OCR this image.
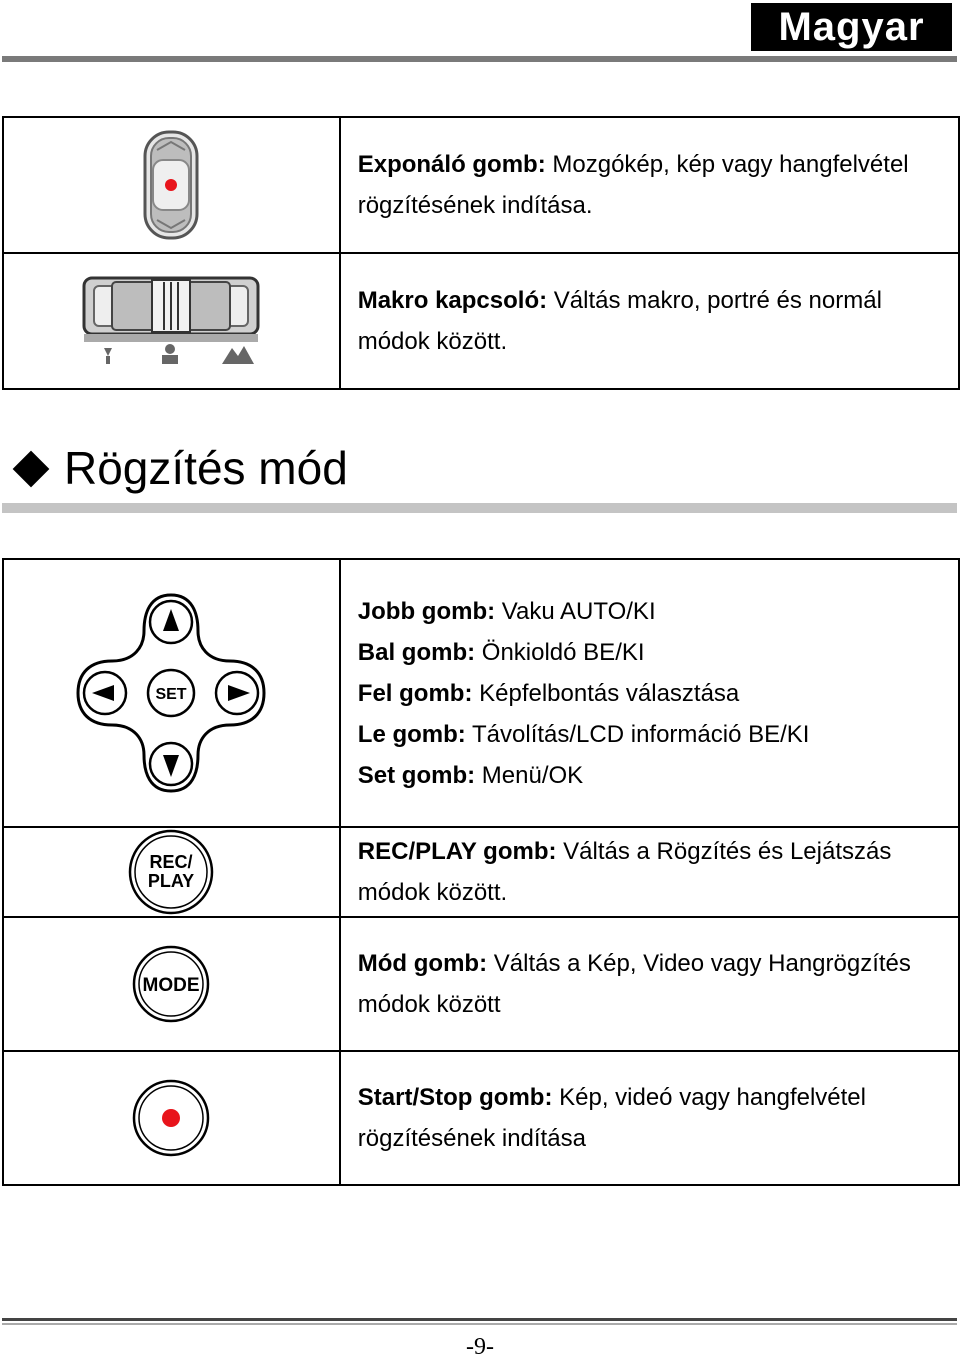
Magyar
	Exponáló gomb: Mozgókép, kép vagy hangfelvétel rögzítésének indítása.

	Makro kapcsoló: Váltás makro, portré és normál módok között.
Rögzítés mód
SET	Jobb gomb: Vaku AUTO/KI
Bal gomb: Önkioldó BE/KI
Fel gomb: Képfelbontás választása
Le gomb: Távolítás/LCD információ BE/KI
Set gomb: Menü/OK

REC/
PLAY	REC/PLAY gomb: Váltás a Rögzítés és Lejátszás módok között.

MODE	Mód gomb: Váltás a Kép, Video vagy Hangrögzítés módok között

	Start/Stop gomb: Kép, videó vagy hangfelvétel rögzítésének indítása
-9-
